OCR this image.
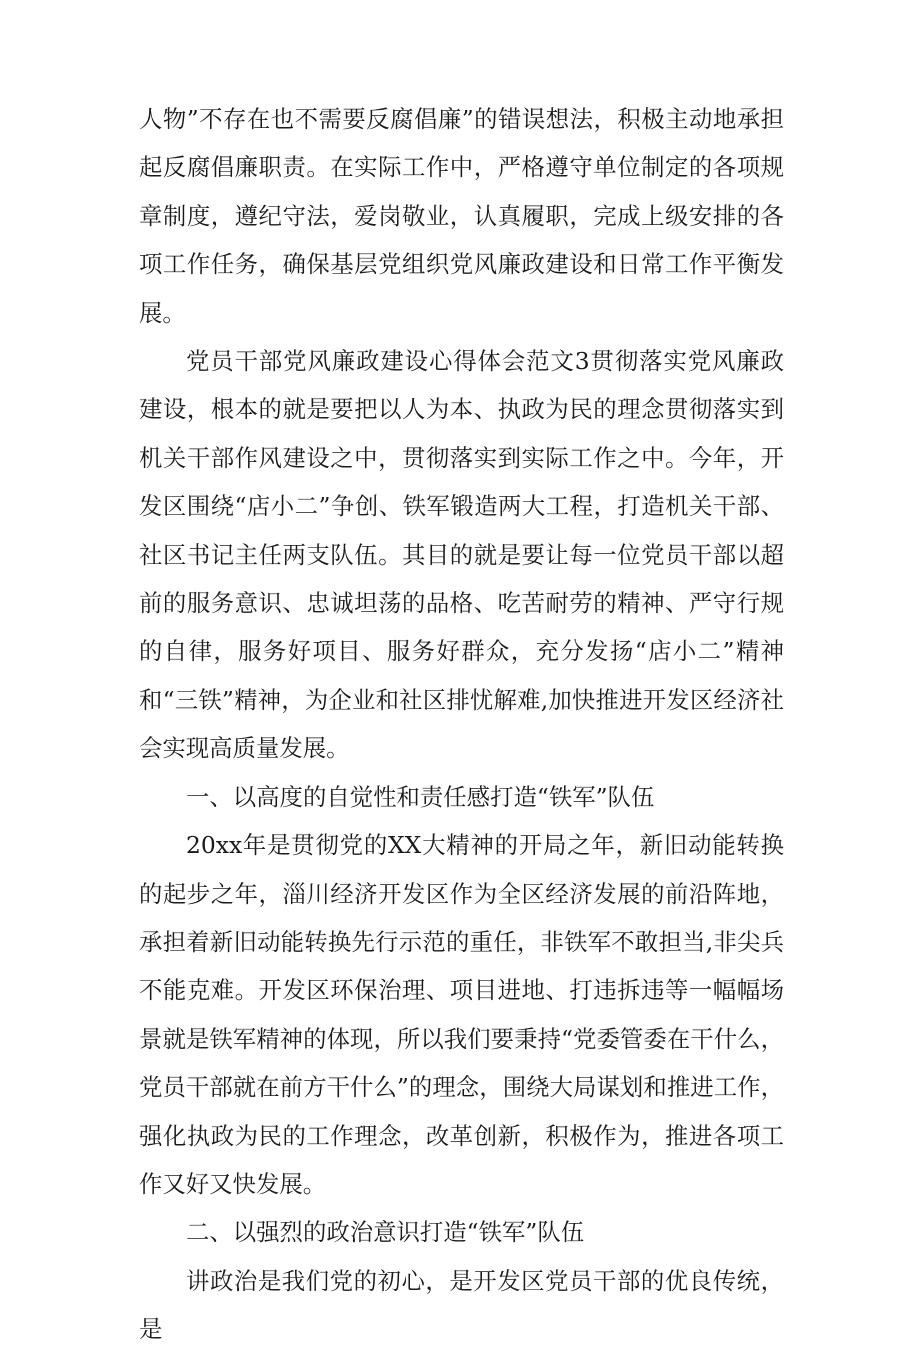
人物”不存在也不需要反腐倡廉”的错误想法，积极主动地承担起反腐倡廉职责。在实际工作中，严格遵守单位制定的各项规章制度，遵纪守法，爱岗敬业，认真履职，完成上级安排的各项工作任务，确保基层党组织党风廉政建设和日常工作平衡发展。

党员干部党风廉政建设心得体会范文3贯彻落实党风廉政建设，根本的就是要把以人为本、执政为民的理念贯彻落实到机关干部作风建设之中，贯彻落实到实际工作之中。今年，开发区围绕“店小二”争创、铁军锻造两大工程，打造机关干部、社区书记主任两支队伍。其目的就是要让每一位党员干部以超前的服务意识、忠诚坦荡的品格、吃苦耐劳的精神、严守行规的自律，服务好项目、服务好群众，充分发扬“店小二”精神和“三铁”精神，为企业和社区排忧解难,加快推进开发区经济社会实现高质量发展。

一、以高度的自觉性和责任感打造“铁军”队伍

20xx年是贯彻党的XX大精神的开局之年，新旧动能转换的起步之年，淄川经济开发区作为全区经济发展的前沿阵地，承担着新旧动能转换先行示范的重任，非铁军不敢担当,非尖兵不能克难。开发区环保治理、项目进地、打违拆违等一幅幅场景就是铁军精神的体现，所以我们要秉持“党委管委在干什么，党员干部就在前方干什么”的理念，围绕大局谋划和推进工作，强化执政为民的工作理念，改革创新，积极作为，推进各项工作又好又快发展。

二、以强烈的政治意识打造“铁军”队伍

讲政治是我们党的初心，是开发区党员干部的优良传统，是
